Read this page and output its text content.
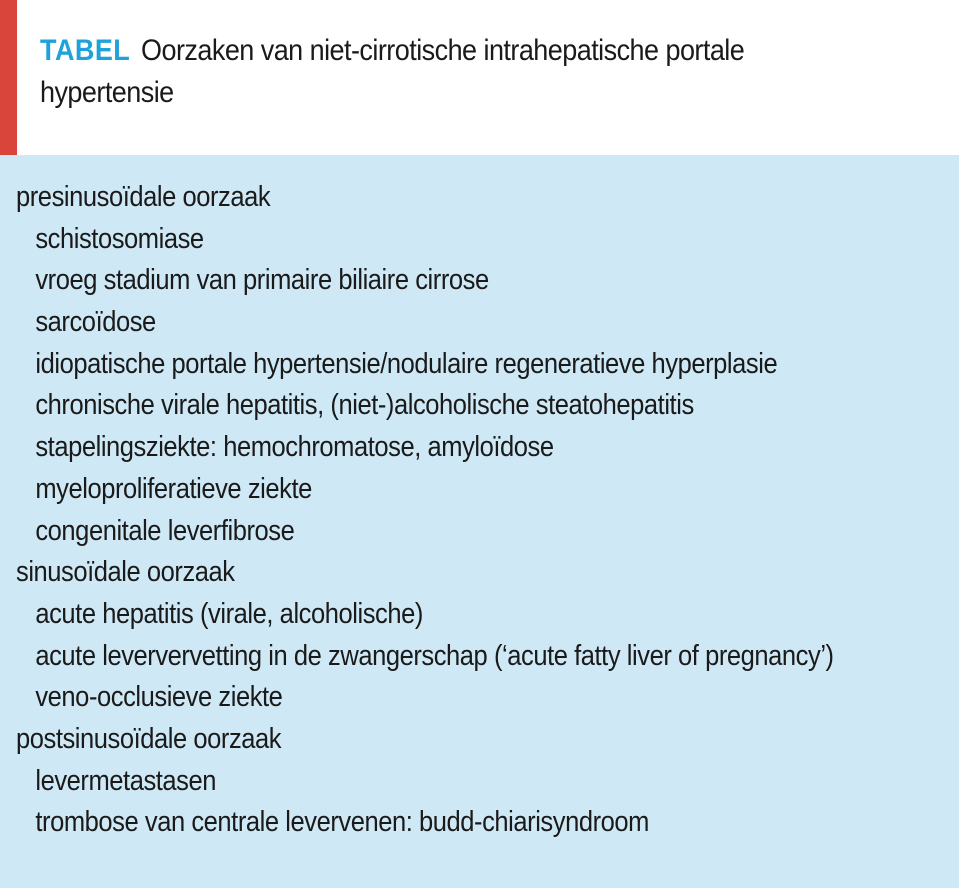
TABEL Oorzaken van niet-cirrotische intrahepatische portale hypertensie
presinusoïdale oorzaak
schistosomiase
vroeg stadium van primaire biliaire cirrose
sarcoïdose
idiopatische portale hypertensie/nodulaire regeneratieve hyperplasie
chronische virale hepatitis, (niet-)alcoholische steatohepatitis
stapelingsziekte: hemochromatose, amyloïdose
myeloproliferatieve ziekte
congenitale leverfibrose
sinusoïdale oorzaak
acute hepatitis (virale, alcoholische)
acute leververvetting in de zwangerschap (‘acute fatty liver of pregnancy’)
veno-occlusieve ziekte
postsinusoïdale oorzaak
levermetastasen
trombose van centrale levervenen: budd-chiarisyndroom
